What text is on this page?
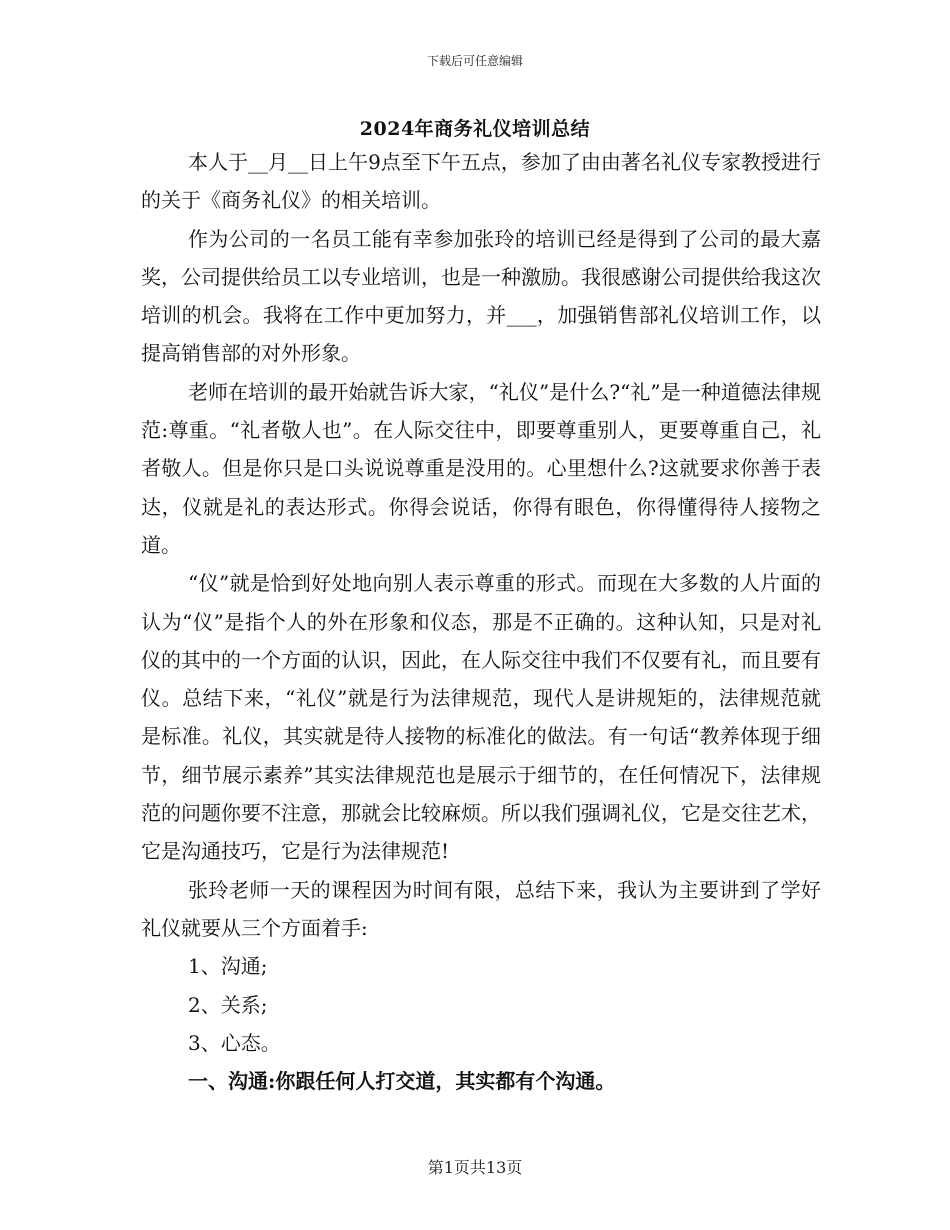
下载后可任意编辑
2024年商务礼仪培训总结

本人于__月__日上午9点至下午五点，参加了由由著名礼仪专家教授进行的关于《商务礼仪》的相关培训。

作为公司的一名员工能有幸参加张玲的培训已经是得到了公司的最大嘉奖，公司提供给员工以专业培训，也是一种激励。我很感谢公司提供给我这次培训的机会。我将在工作中更加努力，并___，加强销售部礼仪培训工作，以提高销售部的对外形象。

老师在培训的最开始就告诉大家，“礼仪”是什么?“礼”是一种道德法律规范:尊重。“礼者敬人也”。在人际交往中，即要尊重别人，更要尊重自己，礼者敬人。但是你只是口头说说尊重是没用的。心里想什么?这就要求你善于表达，仪就是礼的表达形式。你得会说话，你得有眼色，你得懂得待人接物之道。

“仪”就是恰到好处地向别人表示尊重的形式。而现在大多数的人片面的认为“仪”是指个人的外在形象和仪态，那是不正确的。这种认知，只是对礼仪的其中的一个方面的认识，因此，在人际交往中我们不仅要有礼，而且要有仪。总结下来，“礼仪”就是行为法律规范，现代人是讲规矩的，法律规范就是标准。礼仪，其实就是待人接物的标准化的做法。有一句话“教养体现于细节，细节展示素养”其实法律规范也是展示于细节的，在任何情况下，法律规范的问题你要不注意，那就会比较麻烦。所以我们强调礼仪，它是交往艺术，它是沟通技巧，它是行为法律规范!

张玲老师一天的课程因为时间有限，总结下来，我认为主要讲到了学好礼仪就要从三个方面着手:

1、沟通;

2、关系;

3、心态。

一、沟通:你跟任何人打交道，其实都有个沟通。

第1页共13页
